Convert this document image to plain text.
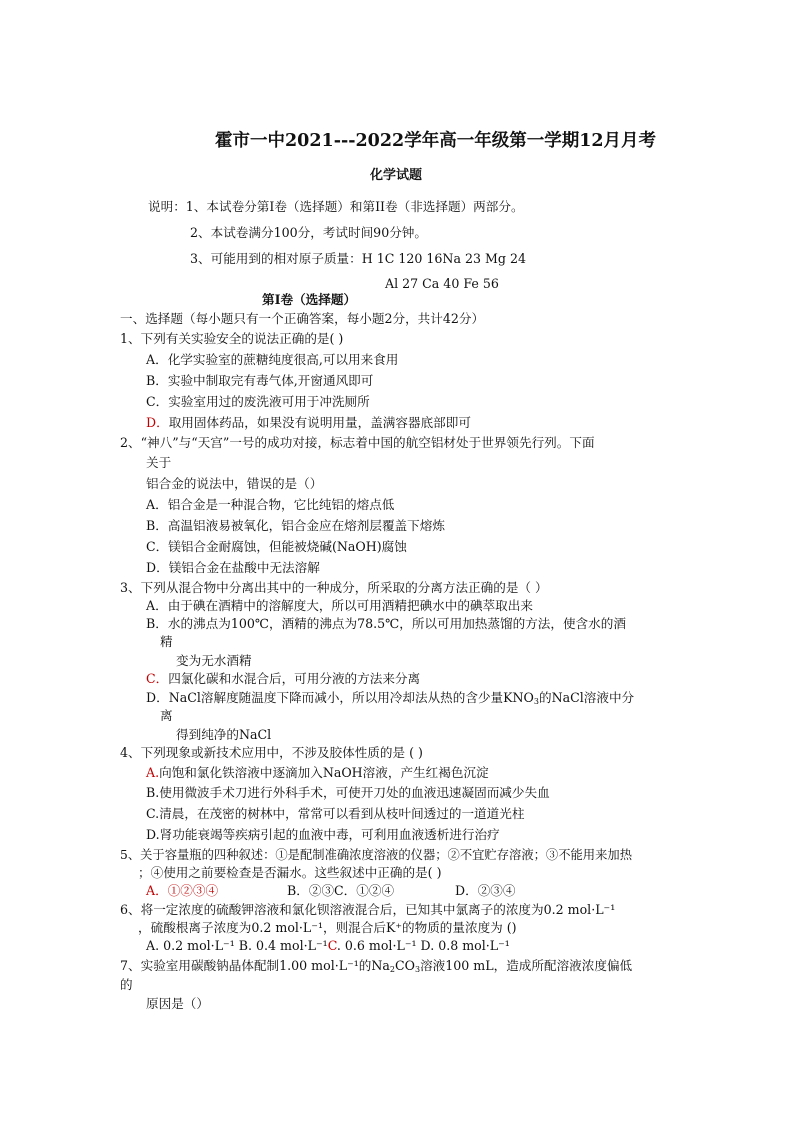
霍市一中2021---2022学年高一年级第一学期12月月考
化学试题
说明：1、本试卷分第Ⅰ卷（选择题）和第II卷（非选择题）两部分。
2、本试卷满分100分，考试时间90分钟。
3、可能用到的相对原子质量：H 1C 120 16Na 23 Mg 24
Al 27 Ca 40 Fe 56
第Ⅰ卷（选择题）
一、选择题（每小题只有一个正确答案，每小题2分，共计42分）
1、下列有关实验安全的说法正确的是( )
A．化学实验室的蔗糖纯度很高,可以用来食用
B．实验中制取完有毒气体,开窗通风即可
C．实验室用过的废洗液可用于冲洗厕所
D．取用固体药品，如果没有说明用量，盖满容器底部即可
2、“神八”与“天宫”一号的成功对接，标志着中国的航空铝材处于世界领先行列。下面
关于
铝合金的说法中，错误的是（）
A．铝合金是一种混合物，它比纯铝的熔点低
B．高温铝液易被氧化，铝合金应在熔剂层覆盖下熔炼
C．镁铝合金耐腐蚀，但能被烧碱(NaOH)腐蚀
D．镁铝合金在盐酸中无法溶解
3、下列从混合物中分离出其中的一种成分，所采取的分离方法正确的是（ ）
A．由于碘在酒精中的溶解度大，所以可用酒精把碘水中的碘萃取出来
B．水的沸点为100℃，酒精的沸点为78.5℃，所以可用加热蒸馏的方法，使含水的酒
精
变为无水酒精
C．四氯化碳和水混合后，可用分液的方法来分离
D．NaCl溶解度随温度下降而减小，所以用冷却法从热的含少量$KNO_3$的NaCl溶液中分
离
得到纯净的NaCl
4、下列现象或新技术应用中，不涉及胶体性质的是 ( )
A.向饱和氯化铁溶液中逐滴加入NaOH溶液，产生红褐色沉淀
B.使用微波手术刀进行外科手术，可使开刀处的血液迅速凝固而减少失血
C.清晨，在茂密的树林中，常常可以看到从枝叶间透过的一道道光柱
D.肾功能衰竭等疾病引起的血液中毒，可利用血液透析进行治疗
5、关于容量瓶的四种叙述：①是配制准确浓度溶液的仪器；②不宜贮存溶液；③不能用来加热
；④使用之前要检查是否漏水。这些叙述中正确的是( )
A．①②③④	B．②③C．①②④	D．②③④
6、将一定浓度的硫酸钾溶液和氯化钡溶液混合后，已知其中氯离子的浓度为0.2 mol·L⁻¹
，硫酸根离子浓度为0.2 mol·L⁻¹，则混合后K⁺的物质的量浓度为 ()
A. 0.2 mol·L⁻¹ B. 0.4 mol·L⁻¹C. 0.6 mol·L⁻¹ D. 0.8 mol·L⁻¹
7、实验室用碳酸钠晶体配制1.00 mol·L⁻¹的$Na_2CO_3$溶液100 mL，造成所配溶液浓度偏低
的
原因是（）
